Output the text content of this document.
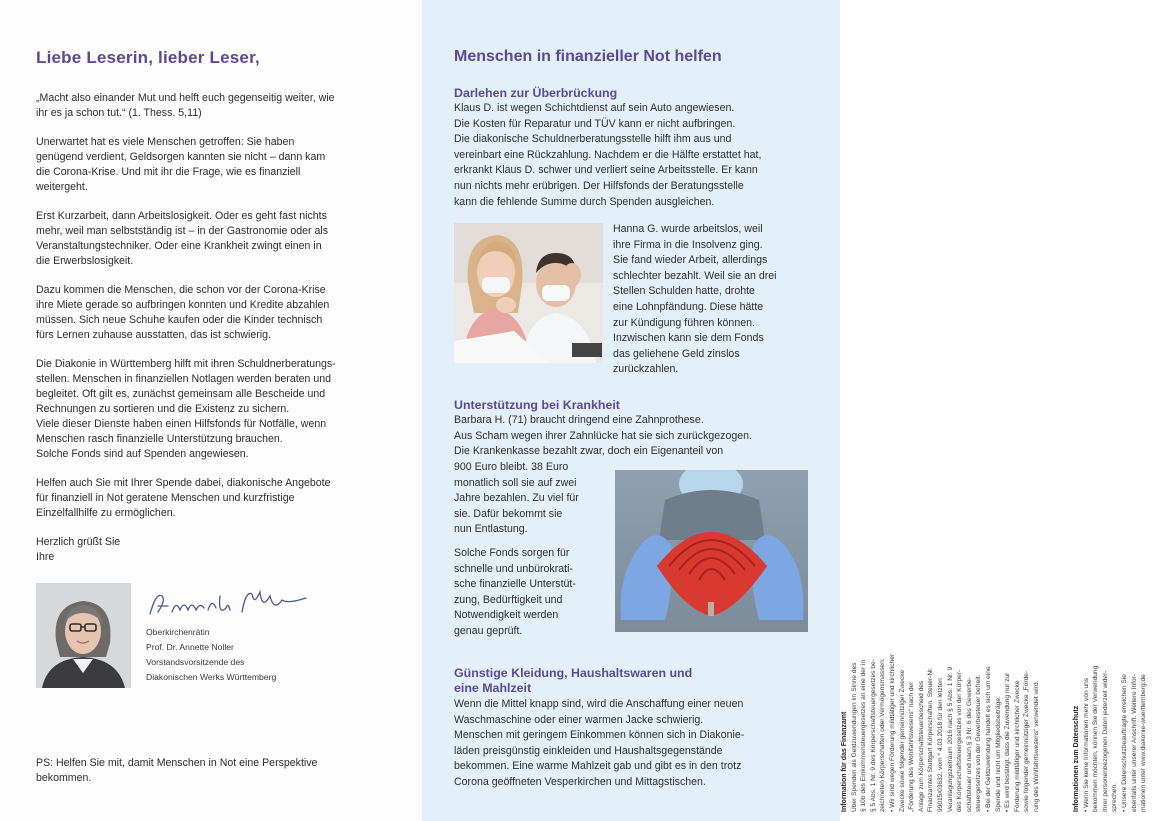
Liebe Leserin, lieber Leser,

„Macht also einander Mut und helft euch gegenseitig weiter, wie
ihr es ja schon tut.“ (1. Thess. 5,11)

Unerwartet hat es viele Menschen getroffen: Sie haben
genügend verdient, Geldsorgen kannten sie nicht – dann kam
die Corona-Krise. Und mit ihr die Frage, wie es finanziell
weitergeht.

Erst Kurzarbeit, dann Arbeitslosigkeit. Oder es geht fast nichts
mehr, weil man selbstständig ist – in der Gastronomie oder als
Veranstaltungstechniker. Oder eine Krankheit zwingt einen in
die Erwerbslosigkeit.

Dazu kommen die Menschen, die schon vor der Corona-Krise
ihre Miete gerade so aufbringen konnten und Kredite abzahlen
müssen. Sich neue Schuhe kaufen oder die Kinder technisch
fürs Lernen zuhause ausstatten, das ist schwierig.

Die Diakonie in Württemberg hilft mit ihren Schuldnerberatungs-
stellen. Menschen in finanziellen Notlagen werden beraten und
begleitet. Oft gilt es, zunächst gemeinsam alle Bescheide und
Rechnungen zu sortieren und die Existenz zu sichern.
Viele dieser Dienste haben einen Hilfsfonds für Notfälle, wenn
Menschen rasch finanzielle Unterstützung brauchen.
Solche Fonds sind auf Spenden angewiesen.

Helfen auch Sie mit Ihrer Spende dabei, diakonische Angebote
für finanziell in Not geratene Menschen und kurzfristige
Einzelfallhilfe zu ermöglichen.

Herzlich grüßt Sie
Ihre

Oberkirchenrätin
Prof. Dr. Annette Noller
Vorstandsvorsitzende des
Diakonischen Werks Württemberg

PS: Helfen Sie mit, damit Menschen in Not eine Perspektive
bekommen.

Menschen in finanzieller Not helfen
Darlehen zur Überbrückung

Klaus D. ist wegen Schichtdienst auf sein Auto angewiesen.
Die Kosten für Reparatur und TÜV kann er nicht aufbringen.
Die diakonische Schuldnerberatungsstelle hilft ihm aus und
vereinbart eine Rückzahlung. Nachdem er die Hälfte erstattet hat,
erkrankt Klaus D. schwer und verliert seine Arbeitsstelle. Er kann
nun nichts mehr erübrigen. Der Hilfsfonds der Beratungsstelle
kann die fehlende Summe durch Spenden ausgleichen.

Hanna G. wurde arbeitslos, weil
ihre Firma in die Insolvenz ging.
Sie fand wieder Arbeit, allerdings
schlechter bezahlt. Weil sie an drei
Stellen Schulden hatte, drohte
eine Lohnpfändung. Diese hätte
zur Kündigung führen können.
Inzwischen kann sie dem Fonds
das geliehene Geld zinslos
zurückzahlen.

Unterstützung bei Krankheit

Barbara H. (71) braucht dringend eine Zahnprothese.
Aus Scham wegen ihrer Zahnlücke hat sie sich zurückgezogen.
Die Krankenkasse bezahlt zwar, doch ein Eigenanteil von

900 Euro bleibt. 38 Euro
monatlich soll sie auf zwei
Jahre bezahlen. Zu viel für
sie. Dafür bekommt sie
nun Entlastung.

Solche Fonds sorgen für
schnelle und unbürokrati-
sche finanzielle Unterstüt-
zung, Bedürftigkeit und
Notwendigkeit werden
genau geprüft.

Günstige Kleidung, Haushaltswaren und
eine Mahlzeit

Wenn die Mittel knapp sind, wird die Anschaffung einer neuen
Waschmaschine oder einer warmen Jacke schwierig.
Menschen mit geringem Einkommen können sich in Diakonie-
läden preisgünstig einkleiden und Haushaltsgegenstände
bekommen. Eine warme Mahlzeit gab und gibt es in den trotz
Corona geöffneten Vesperkirchen und Mittagstischen.	Information für das Finanzamt Über Spenden als Geldzuwendungen im Sinne des § 10b des Einkommensteuergesetzes an eine der in § 5 Abs. 1 Nr. 9 des Körperschaftsteuergesetzes be- zeichneten Körperschaften oder Vermögensmassen: • Wir sind wegen Förderung mildtätiger und kirchlicher Zwecke sowie folgender gemeinnütziger Zwecke „Förderung des Wohlfahrtswesens“ nach der Anlage zum Körperschaftsteuerbescheid des Finanzamtes Stuttgart Körperschaften, Steuer-Nr. 99015/03632, vom * 4.03.2018 für den letzten Veranlagungszeitraum 2016 nach § 5 Abs. 1 Nr. 9 des Körperschaftsteuergesetzes von der Körper- schaftsteuer und nach § 3 Nr. 6 des Gewerbe- steuergesetzes von der Gewerbesteuer befreit. • Bei der Geldzuwendung handelt es sich um eine Spende und nicht um Mitgliedsbeiträge. • Es wird bestätigt, dass die Zuwendung nur zur Förderung mildtätiger und kirchlicher Zwecke sowie folgender gemeinnütziger Zwecke „Förde- rung des Wohlfahrtswesens“ verwendet wird.	Informationen zum Datenschutz • Wenn Sie keine Informationen mehr von uns bekommen möchten, können Sie der Verwendung Ihrer personenbezogenen Daten jederzeit wider- sprechen. • Unsere Datenschutzbeauftragte erreichen Sie ebenfalls unter unserer Anschrift. Weitere Infor- mationen unter www.diakonie-wuerttemberg.de
